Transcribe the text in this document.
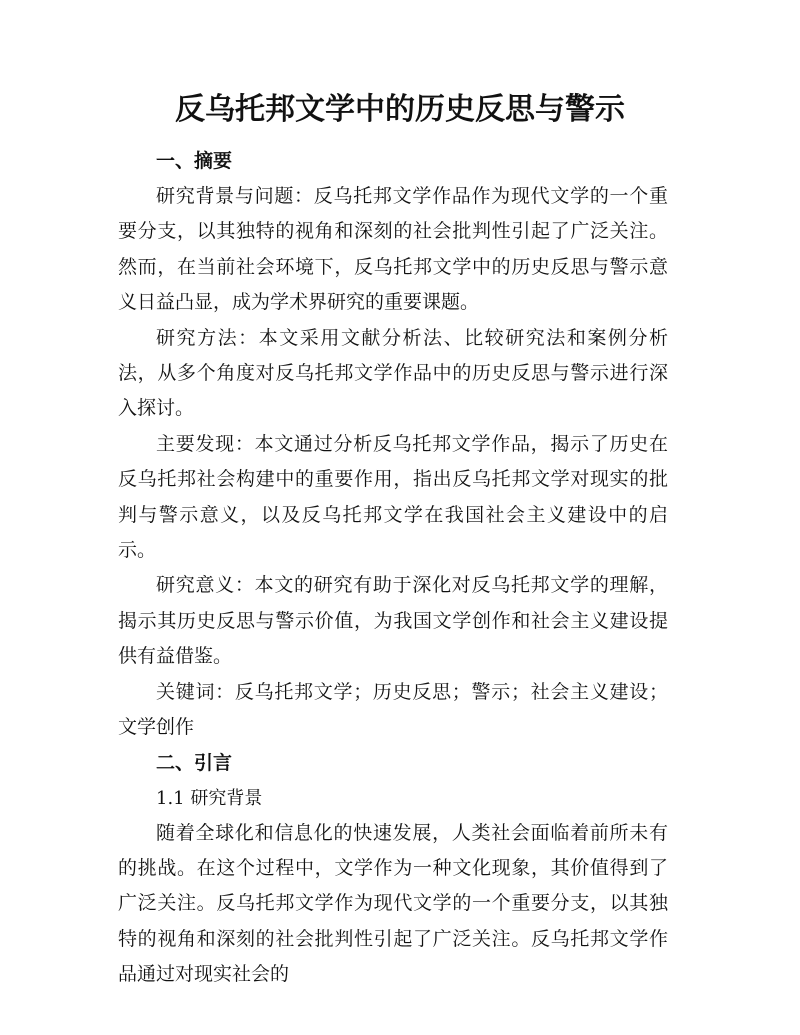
反乌托邦文学中的历史反思与警示
一、摘要

研究背景与问题：反乌托邦文学作品作为现代文学的一个重要分支，以其独特的视角和深刻的社会批判性引起了广泛关注。然而，在当前社会环境下，反乌托邦文学中的历史反思与警示意义日益凸显，成为学术界研究的重要课题。

研究方法：本文采用文献分析法、比较研究法和案例分析法，从多个角度对反乌托邦文学作品中的历史反思与警示进行深入探讨。

主要发现：本文通过分析反乌托邦文学作品，揭示了历史在反乌托邦社会构建中的重要作用，指出反乌托邦文学对现实的批判与警示意义，以及反乌托邦文学在我国社会主义建设中的启示。

研究意义：本文的研究有助于深化对反乌托邦文学的理解，揭示其历史反思与警示价值，为我国文学创作和社会主义建设提供有益借鉴。

关键词：反乌托邦文学；历史反思；警示；社会主义建设；文学创作

二、引言

1.1 研究背景

随着全球化和信息化的快速发展，人类社会面临着前所未有的挑战。在这个过程中，文学作为一种文化现象，其价值得到了广泛关注。反乌托邦文学作为现代文学的一个重要分支，以其独特的视角和深刻的社会批判性引起了广泛关注。反乌托邦文学作品通过对现实社会的
